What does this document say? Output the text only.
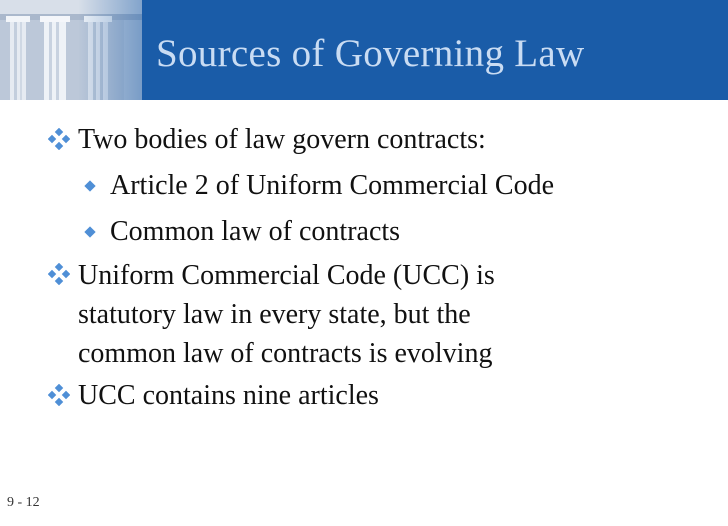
Sources of Governing Law
Two bodies of law govern contracts:
Article 2 of Uniform Commercial Code
Common law of contracts
Uniform Commercial Code (UCC) is
statutory law in every state, but the
common law of contracts is evolving
UCC contains nine articles
9 - 12
